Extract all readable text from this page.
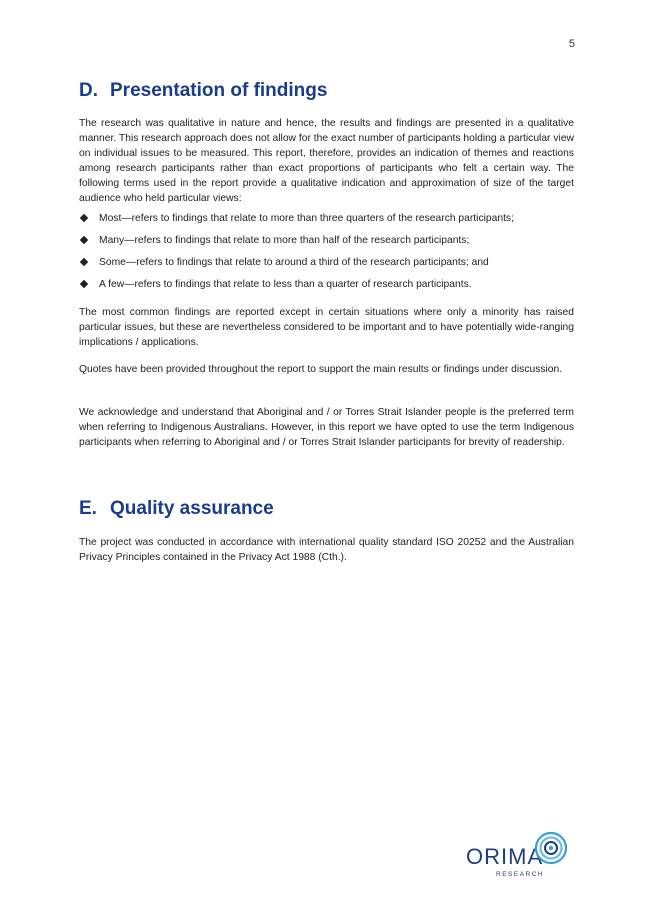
5
D. Presentation of findings

The research was qualitative in nature and hence, the results and findings are presented in a qualitative manner. This research approach does not allow for the exact number of participants holding a particular view on individual issues to be measured. This report, therefore, provides an indication of themes and reactions among research participants rather than exact proportions of participants who felt a certain way. The following terms used in the report provide a qualitative indication and approximation of size of the target audience who held particular views:

Most—refers to findings that relate to more than three quarters of the research participants;
Many—refers to findings that relate to more than half of the research participants;
Some—refers to findings that relate to around a third of the research participants; and
A few—refers to findings that relate to less than a quarter of research participants.

The most common findings are reported except in certain situations where only a minority has raised particular issues, but these are nevertheless considered to be important and to have potentially wide-ranging implications / applications.

Quotes have been provided throughout the report to support the main results or findings under discussion.

We acknowledge and understand that Aboriginal and / or Torres Strait Islander people is the preferred term when referring to Indigenous Australians. However, in this report we have opted to use the term Indigenous participants when referring to Aboriginal and / or Torres Strait Islander participants for brevity of readership.

E. Quality assurance

The project was conducted in accordance with international quality standard ISO 20252 and the Australian Privacy Principles contained in the Privacy Act 1988 (Cth.).

ORIMA
RESEARCH
